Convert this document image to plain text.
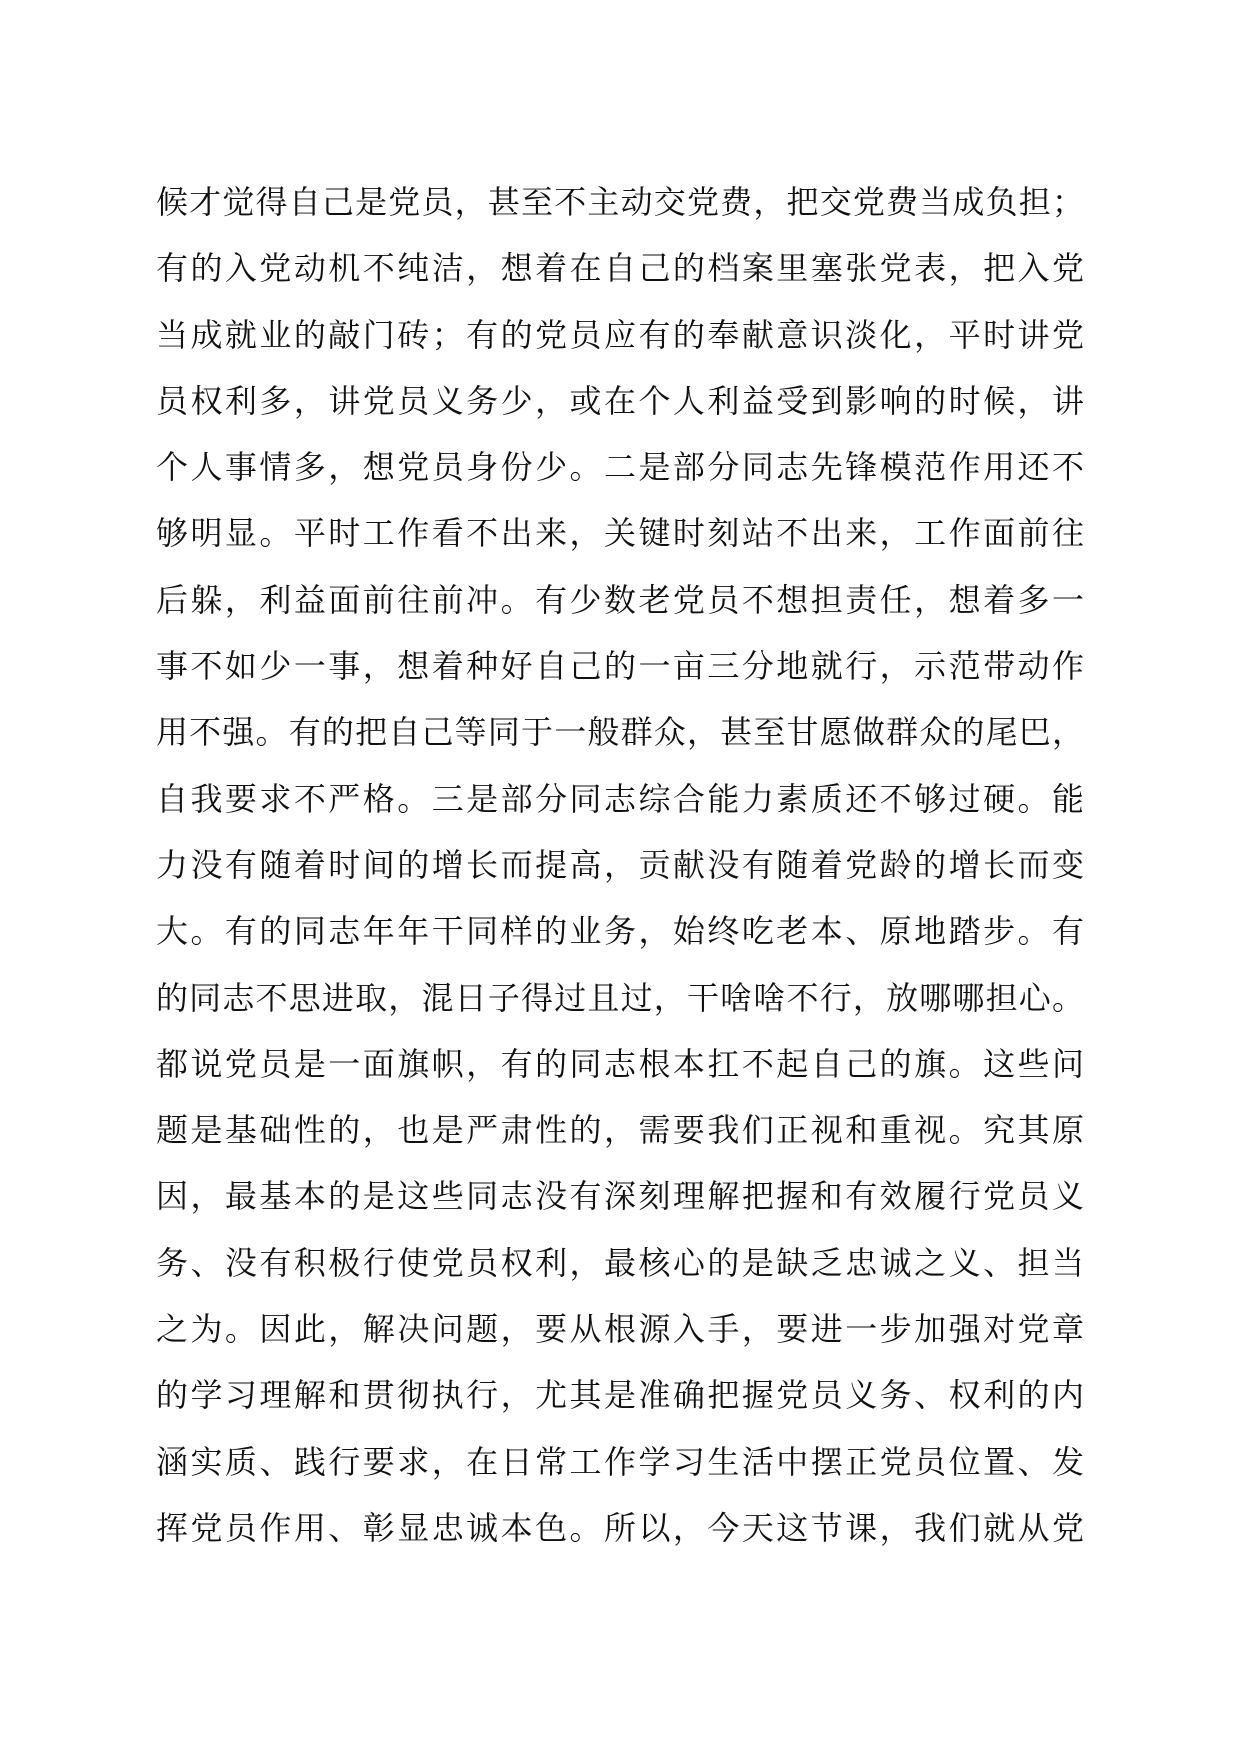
候才觉得自己是党员，甚至不主动交党费，把交党费当成负担；
有的入党动机不纯洁，想着在自己的档案里塞张党表，把入党
当成就业的敲门砖；有的党员应有的奉献意识淡化，平时讲党
员权利多，讲党员义务少，或在个人利益受到影响的时候，讲
个人事情多，想党员身份少。二是部分同志先锋模范作用还不
够明显。平时工作看不出来，关键时刻站不出来，工作面前往
后躲，利益面前往前冲。有少数老党员不想担责任，想着多一
事不如少一事，想着种好自己的一亩三分地就行，示范带动作
用不强。有的把自己等同于一般群众，甚至甘愿做群众的尾巴，
自我要求不严格。三是部分同志综合能力素质还不够过硬。能
力没有随着时间的增长而提高，贡献没有随着党龄的增长而变
大。有的同志年年干同样的业务，始终吃老本、原地踏步。有
的同志不思进取，混日子得过且过，干啥啥不行，放哪哪担心。
都说党员是一面旗帜，有的同志根本扛不起自己的旗。这些问
题是基础性的，也是严肃性的，需要我们正视和重视。究其原
因，最基本的是这些同志没有深刻理解把握和有效履行党员义
务、没有积极行使党员权利，最核心的是缺乏忠诚之义、担当
之为。因此，解决问题，要从根源入手，要进一步加强对党章
的学习理解和贯彻执行，尤其是准确把握党员义务、权利的内
涵实质、践行要求，在日常工作学习生活中摆正党员位置、发
挥党员作用、彰显忠诚本色。所以，今天这节课，我们就从党
